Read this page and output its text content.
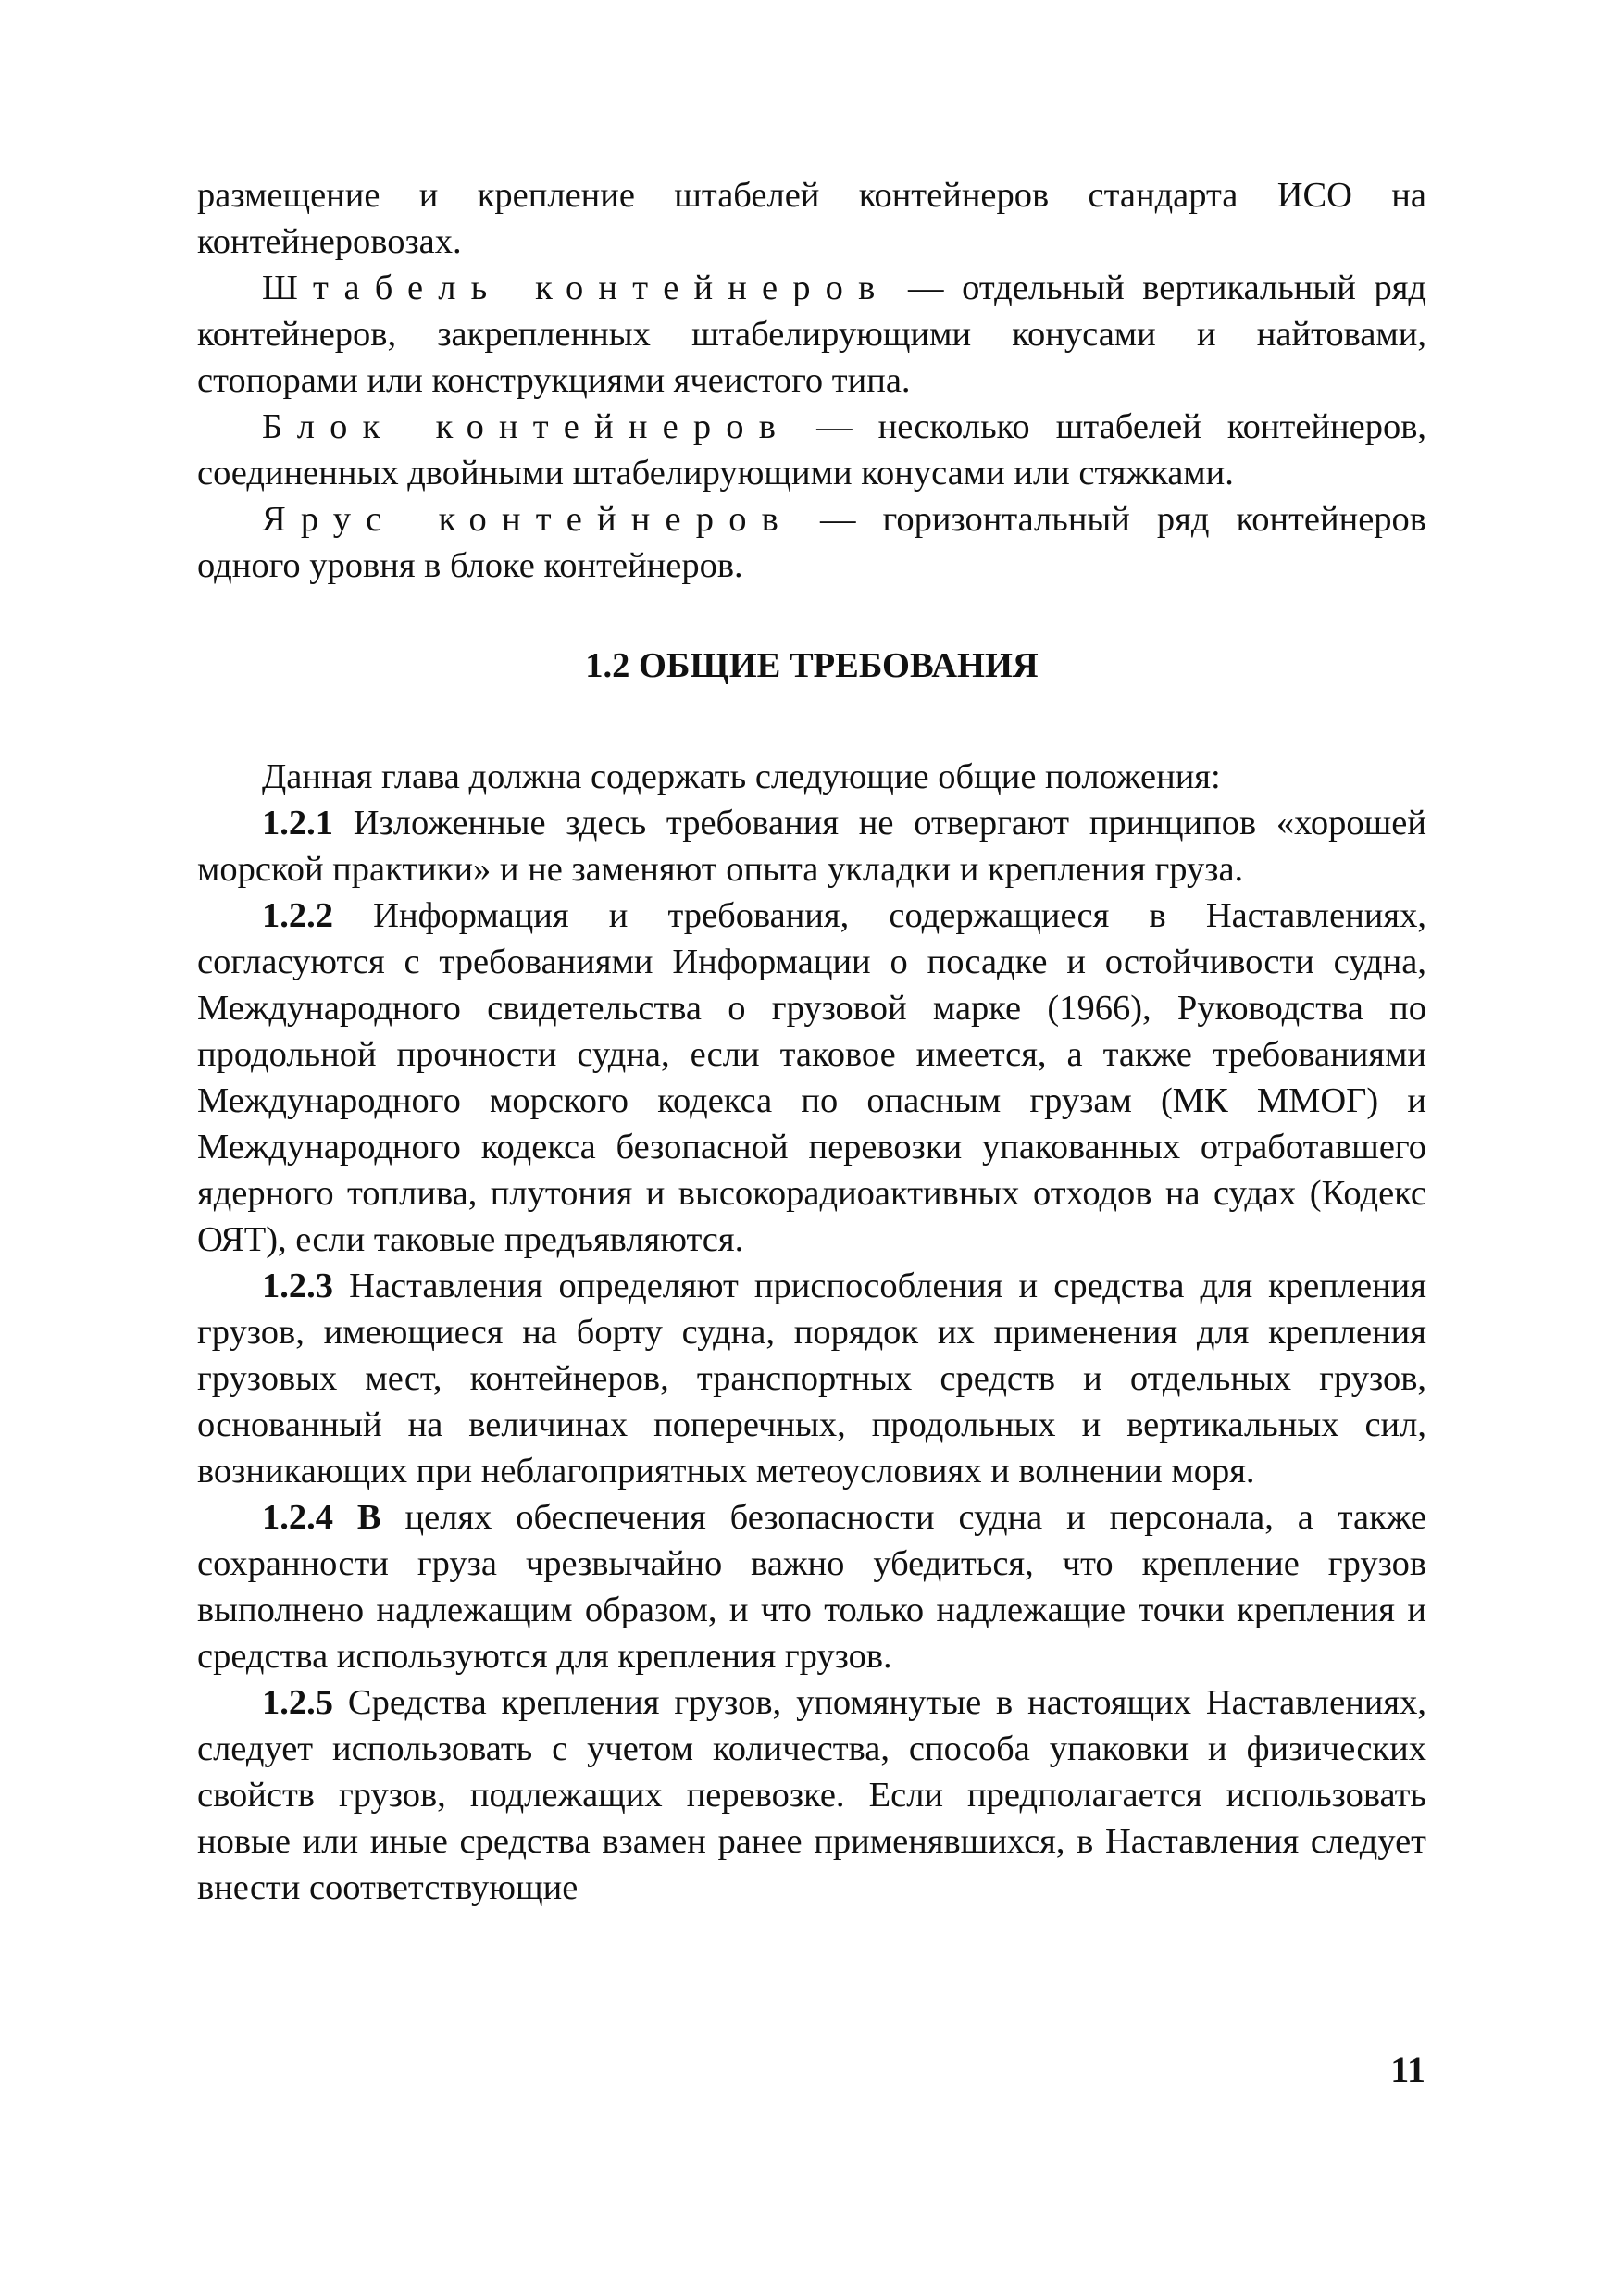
размещение и крепление штабелей контейнеров стандарта ИСО на контейнеровозах.

Штабель контейнеров — отдельный вертикальный ряд контейнеров, закрепленных штабелирующими конусами и найтовами, стопорами или конструкциями ячеистого типа.

Блок контейнеров — несколько штабелей контейнеров, соединенных двойными штабелирующими конусами или стяжками.

Ярус контейнеров — горизонтальный ряд контейнеров одного уровня в блоке контейнеров.

1.2 ОБЩИЕ ТРЕБОВАНИЯ

Данная глава должна содержать следующие общие положения:

1.2.1 Изложенные здесь требования не отвергают принципов «хорошей морской практики» и не заменяют опыта укладки и крепления груза.

1.2.2 Информация и требования, содержащиеся в Наставлениях, согласуются с требованиями Информации о посадке и остойчивости судна, Международного свидетельства о грузовой марке (1966), Руководства по продольной прочности судна, если таковое имеется, а также требованиями Международного морского кодекса по опасным грузам (МК ММОГ) и Международного кодекса безопасной перевозки упакованных отработавшего ядерного топлива, плутония и высокорадиоактивных отходов на судах (Кодекс ОЯТ), если таковые предъявляются.

1.2.3 Наставления определяют приспособления и средства для крепления грузов, имеющиеся на борту судна, порядок их применения для крепления грузовых мест, контейнеров, транспортных средств и отдельных грузов, основанный на величинах поперечных, продольных и вертикальных сил, возникающих при неблагоприятных метеоусловиях и волнении моря.

1.2.4 В целях обеспечения безопасности судна и персонала, а также сохранности груза чрезвычайно важно убедиться, что крепление грузов выполнено надлежащим образом, и что только надлежащие точки крепления и средства используются для крепления грузов.

1.2.5 Средства крепления грузов, упомянутые в настоящих Наставлениях, следует использовать с учетом количества, способа упаковки и физических свойств грузов, подлежащих перевозке. Если предполагается использовать новые или иные средства взамен ранее применявшихся, в Наставления следует внести соответствующие

11
